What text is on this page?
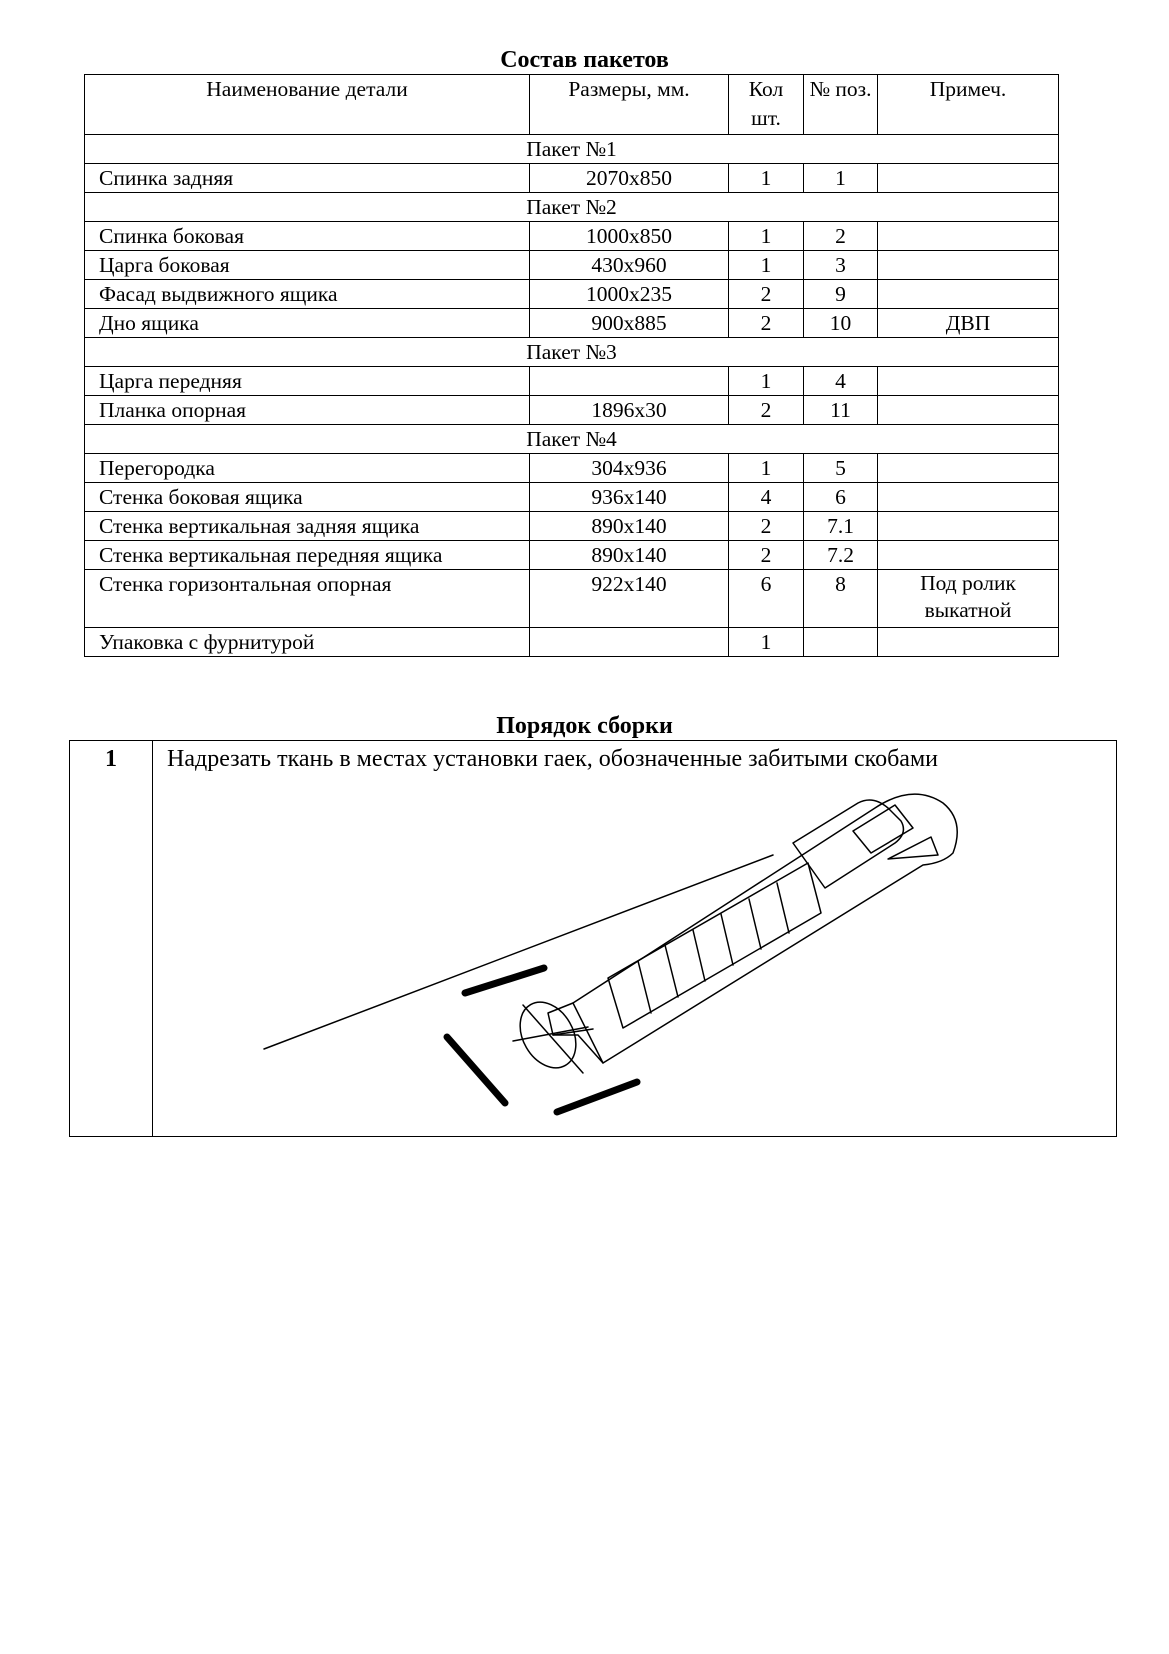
Состав пакетов
Наименование детали	Размеры, мм.	Кол шт.	№ поз.	Примеч.
Пакет №1				
Спинка задняя	2070х850	1	1	
Пакет №2				
Спинка боковая	1000х850	1	2	
Царга боковая	430х960	1	3	
Фасад выдвижного ящика	1000х235	2	9	
Дно ящика	900х885	2	10	ДВП
Пакет №3				
Царга передняя		1	4	
Планка опорная	1896х30	2	11	
Пакет №4				
Перегородка	304х936	1	5	
Стенка боковая ящика	936х140	4	6	
Стенка вертикальная задняя ящика	890х140	2	7.1	
Стенка вертикальная передняя ящика	890х140	2	7.2	
Стенка горизонтальная опорная	922х140	6	8	Под ролик выкатной
Упаковка с фурнитурой		1		
Порядок сборки
1	Надрезать ткань в местах установки гаек, обозначенные забитыми скобами
